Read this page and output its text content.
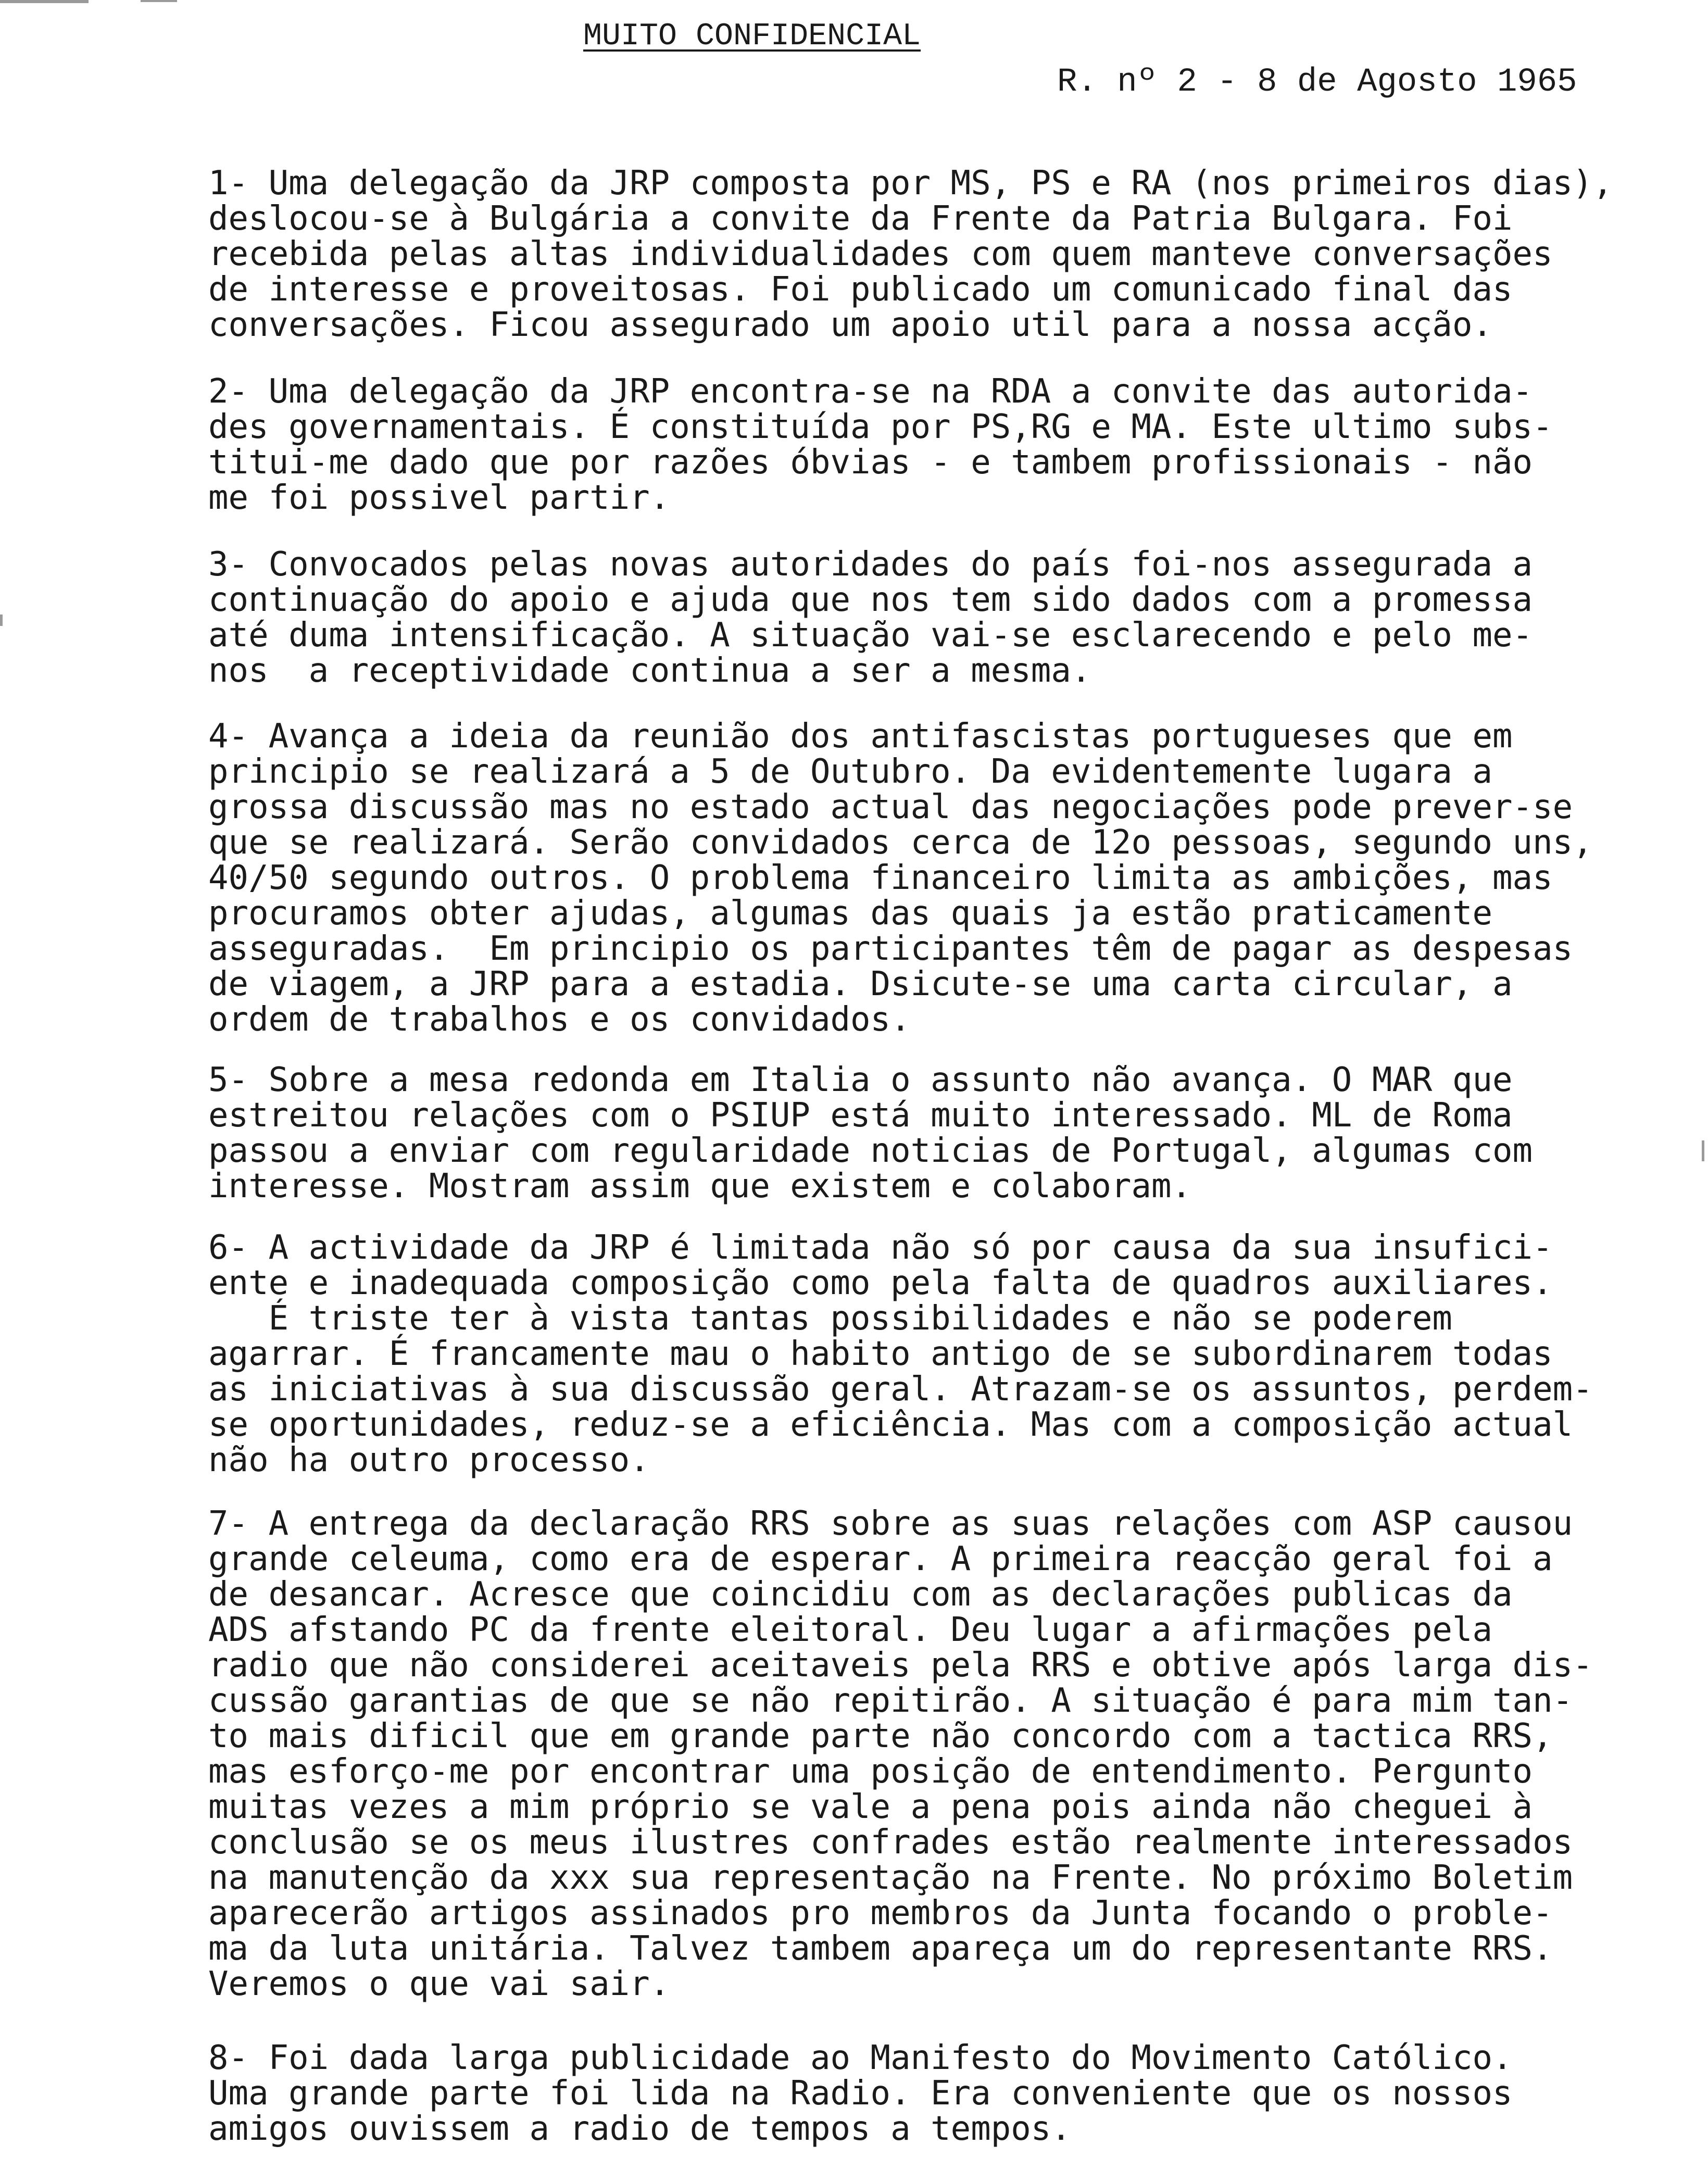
MUITO CONFIDENCIAL
R. nº 2 - 8 de Agosto 1965
1- Uma delegação da JRP composta por MS, PS e RA (nos primeiros dias),
deslocou-se à Bulgária a convite da Frente da Patria Bulgara. Foi
recebida pelas altas individualidades com quem manteve conversações
de interesse e proveitosas. Foi publicado um comunicado final das
conversações. Ficou assegurado um apoio util para a nossa acção.
2- Uma delegação da JRP encontra-se na RDA a convite das autorida-
des governamentais. É constituída por PS,RG e MA. Este ultimo subs-
titui-me dado que por razões óbvias - e tambem profissionais - não
me foi possivel partir.
3- Convocados pelas novas autoridades do país foi-nos assegurada a
continuação do apoio e ajuda que nos tem sido dados com a promessa
até duma intensificação. A situação vai-se esclarecendo e pelo me-
nos  a receptividade continua a ser a mesma.
4- Avança a ideia da reunião dos antifascistas portugueses que em
principio se realizará a 5 de Outubro. Da evidentemente lugara a
grossa discussão mas no estado actual das negociações pode prever-se
que se realizará. Serão convidados cerca de 12o pessoas, segundo uns,
40/50 segundo outros. O problema financeiro limita as ambições, mas
procuramos obter ajudas, algumas das quais ja estão praticamente
asseguradas.  Em principio os participantes têm de pagar as despesas
de viagem, a JRP para a estadia. Dsicute-se uma carta circular, a
ordem de trabalhos e os convidados.
5- Sobre a mesa redonda em Italia o assunto não avança. O MAR que
estreitou relações com o PSIUP está muito interessado. ML de Roma
passou a enviar com regularidade noticias de Portugal, algumas com
interesse. Mostram assim que existem e colaboram.
6- A actividade da JRP é limitada não só por causa da sua insufici-
ente e inadequada composição como pela falta de quadros auxiliares.
É triste ter à vista tantas possibilidades e não se poderem
agarrar. É francamente mau o habito antigo de se subordinarem todas
as iniciativas à sua discussão geral. Atrazam-se os assuntos, perdem-
se oportunidades, reduz-se a eficiência. Mas com a composição actual
não ha outro processo.
7- A entrega da declaração RRS sobre as suas relações com ASP causou
grande celeuma, como era de esperar. A primeira reacção geral foi a
de desancar. Acresce que coincidiu com as declarações publicas da
ADS afstando PC da frente eleitoral. Deu lugar a afirmações pela
radio que não considerei aceitaveis pela RRS e obtive após larga dis-
cussão garantias de que se não repitirão. A situação é para mim tan-
to mais dificil que em grande parte não concordo com a tactica RRS,
mas esforço-me por encontrar uma posição de entendimento. Pergunto
muitas vezes a mim próprio se vale a pena pois ainda não cheguei à
conclusão se os meus ilustres confrades estão realmente interessados
na manutenção da xxx sua representação na Frente. No próximo Boletim
aparecerão artigos assinados pro membros da Junta focando o proble-
ma da luta unitária. Talvez tambem apareça um do representante RRS.
Veremos o que vai sair.
8- Foi dada larga publicidade ao Manifesto do Movimento Católico.
Uma grande parte foi lida na Radio. Era conveniente que os nossos
amigos ouvissem a radio de tempos a tempos.
